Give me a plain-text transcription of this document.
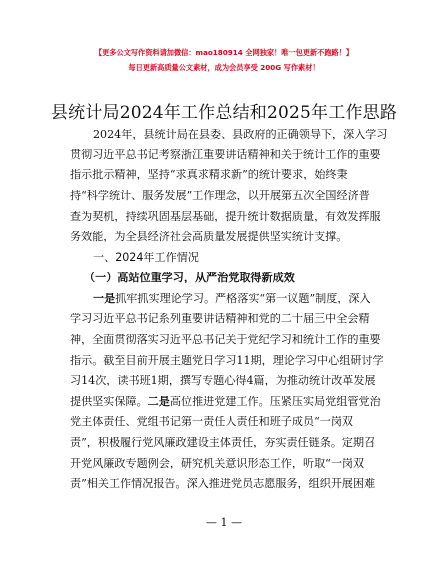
【更多公文写作资料请加微信：mao180914 全网独家！唯一包更新不跑路！】
每日更新高质量公文素材，成为会员享受 200G 写作素材！
县统计局2024年工作总结和2025年工作思路
2024年，县统计局在县委、县政府的正确领导下，深入学习
贯彻习近平总书记考察浙江重要讲话精神和关于统计工作的重要
指示批示精神，坚持“求真求精求新”的统计要求，始终秉
持“科学统计、服务发展”工作理念，以开展第五次全国经济普
查为契机，持续巩固基层基础，提升统计数据质量，有效发挥服
务效能，为全县经济社会高质量发展提供坚实统计支撑。
一、2024年工作情况
（一）高站位重学习，从严治党取得新成效
一是抓牢抓实理论学习。严格落实“第一议题”制度，深入
学习习近平总书记系列重要讲话精神和党的二十届三中全会精
神，全面贯彻落实习近平总书记关于党纪学习和统计工作的重要
指示。截至目前开展主题党日学习11期，理论学习中心组研讨学
习14次，读书班1期，撰写专题心得4篇，为推动统计改革发展
提供坚实保障。二是高位推进党建工作。压紧压实局党组管党治
党主体责任、党组书记第一责任人责任和班子成员“一岗双
责”，积极履行党风廉政建设主体责任，夯实责任链条。定期召
开党风廉政专题例会，研究机关意识形态工作，听取“一岗双
责”相关工作情况报告。深入推进党员志愿服务，组织开展困难
— 1 —
